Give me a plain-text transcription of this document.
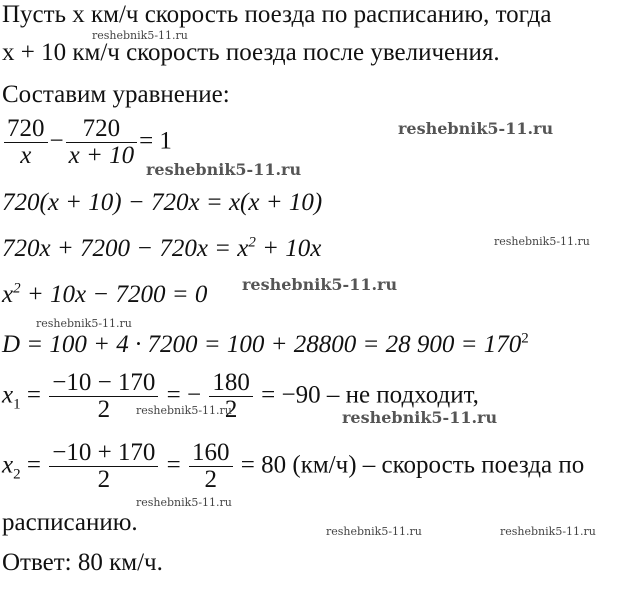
Пусть x км/ч скорость поезда по расписанию, тогда
x + 10 км/ч скорость поезда после увеличения.
Составим уравнение:
$\frac{720}{x} - \frac{720}{x + 10} = 1$
720(x + 10) − 720x = x(x + 10)
$720x + 7200 - 720x = x^2 + 10x$
$x^2 + 10x - 7200 = 0$
D = 100 + 4 · 7200 = 100 + 28800 = 28 $900 = 170^2$
$x_1 = \frac{-10 - 170}{2}$ = − $\frac{180}{2} = -90$ – не подходит,
$x_2 = \frac{-10 + 170}{2} = \frac{160}{2} = 80$ (км/ч) – скорость поезда по
расписанию.
Ответ: 80 км/ч.
reshebnik5-11.ru
reshebnik5-11.ru
reshebnik5-11.ru
reshebnik5-11.ru
reshebnik5-11.ru
reshebnik5-11.ru
reshebnik5-11.ru	reshebnik5-11.ru
reshebnik5-11.ru
reshebnik5-11.ru	reshebnik5-11.ru
